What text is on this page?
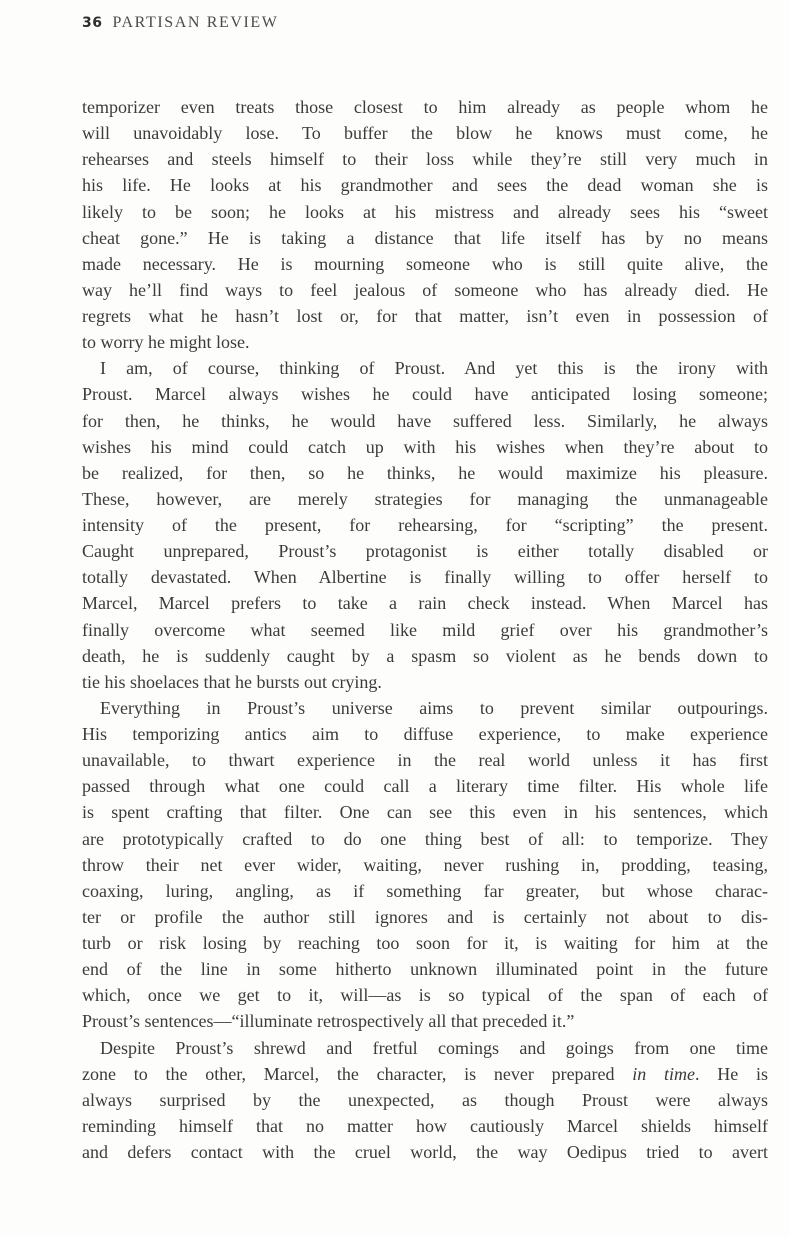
36 PARTISAN REVIEW
temporizer even treats those closest to him already as people whom he
will unavoidably lose. To buffer the blow he knows must come, he
rehearses and steels himself to their loss while they’re still very much in
his life. He looks at his grandmother and sees the dead woman she is
likely to be soon; he looks at his mistress and already sees his “sweet
cheat gone.” He is taking a distance that life itself has by no means
made necessary. He is mourning someone who is still quite alive, the
way he’ll find ways to feel jealous of someone who has already died. He
regrets what he hasn’t lost or, for that matter, isn’t even in possession of
to worry he might lose.
I am, of course, thinking of Proust. And yet this is the irony with
Proust. Marcel always wishes he could have anticipated losing someone;
for then, he thinks, he would have suffered less. Similarly, he always
wishes his mind could catch up with his wishes when they’re about to
be realized, for then, so he thinks, he would maximize his pleasure.
These, however, are merely strategies for managing the unmanageable
intensity of the present, for rehearsing, for “scripting” the present.
Caught unprepared, Proust’s protagonist is either totally disabled or
totally devastated. When Albertine is finally willing to offer herself to
Marcel, Marcel prefers to take a rain check instead. When Marcel has
finally overcome what seemed like mild grief over his grandmother’s
death, he is suddenly caught by a spasm so violent as he bends down to
tie his shoelaces that he bursts out crying.
Everything in Proust’s universe aims to prevent similar outpourings.
His temporizing antics aim to diffuse experience, to make experience
unavailable, to thwart experience in the real world unless it has first
passed through what one could call a literary time filter. His whole life
is spent crafting that filter. One can see this even in his sentences, which
are prototypically crafted to do one thing best of all: to temporize. They
throw their net ever wider, waiting, never rushing in, prodding, teasing,
coaxing, luring, angling, as if something far greater, but whose charac-
ter or profile the author still ignores and is certainly not about to dis-
turb or risk losing by reaching too soon for it, is waiting for him at the
end of the line in some hitherto unknown illuminated point in the future
which, once we get to it, will—as is so typical of the span of each of
Proust’s sentences—“illuminate retrospectively all that preceded it.”
Despite Proust’s shrewd and fretful comings and goings from one time
zone to the other, Marcel, the character, is never prepared in time. He is
always surprised by the unexpected, as though Proust were always
reminding himself that no matter how cautiously Marcel shields himself
and defers contact with the cruel world, the way Oedipus tried to avert
